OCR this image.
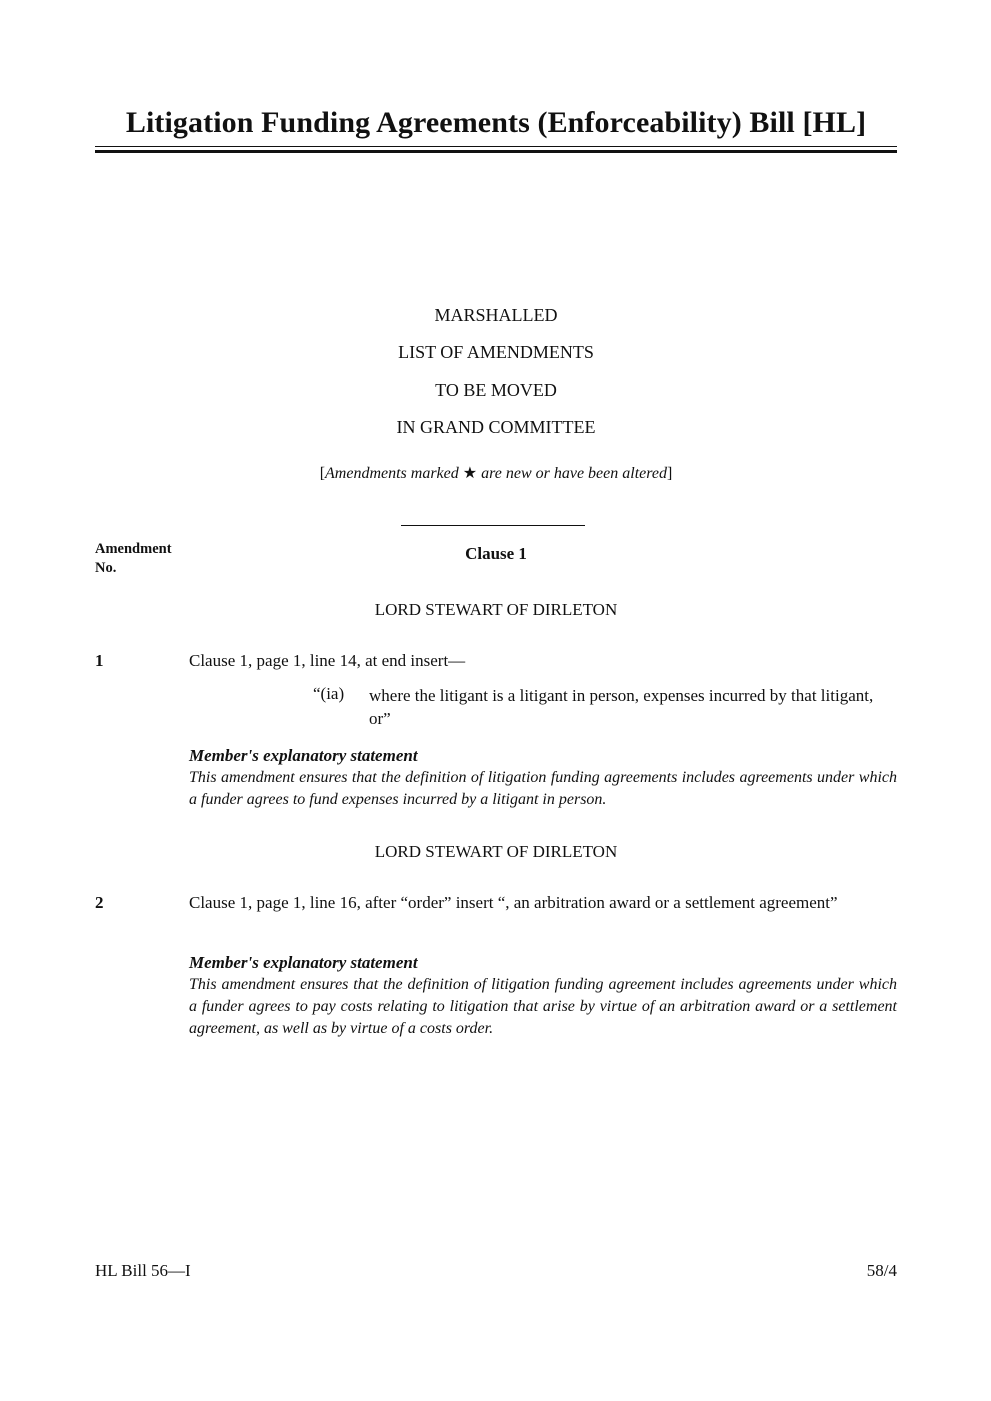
Litigation Funding Agreements (Enforceability) Bill [HL]
MARSHALLED
LIST OF AMENDMENTS
TO BE MOVED
IN GRAND COMMITTEE
[Amendments marked ★ are new or have been altered]
Amendment
No.
Clause 1
LORD STEWART OF DIRLETON
1	Clause 1, page 1, line 14, at end insert—
“(ia) where the litigant is a litigant in person, expenses incurred by that litigant, or”
Member's explanatory statement
This amendment ensures that the definition of litigation funding agreements includes agreements under which a funder agrees to fund expenses incurred by a litigant in person.
LORD STEWART OF DIRLETON
2	Clause 1, page 1, line 16, after “order” insert “, an arbitration award or a settlement agreement”
Member's explanatory statement
This amendment ensures that the definition of litigation funding agreement includes agreements under which a funder agrees to pay costs relating to litigation that arise by virtue of an arbitration award or a settlement agreement, as well as by virtue of a costs order.
HL Bill 56—I	58/4
